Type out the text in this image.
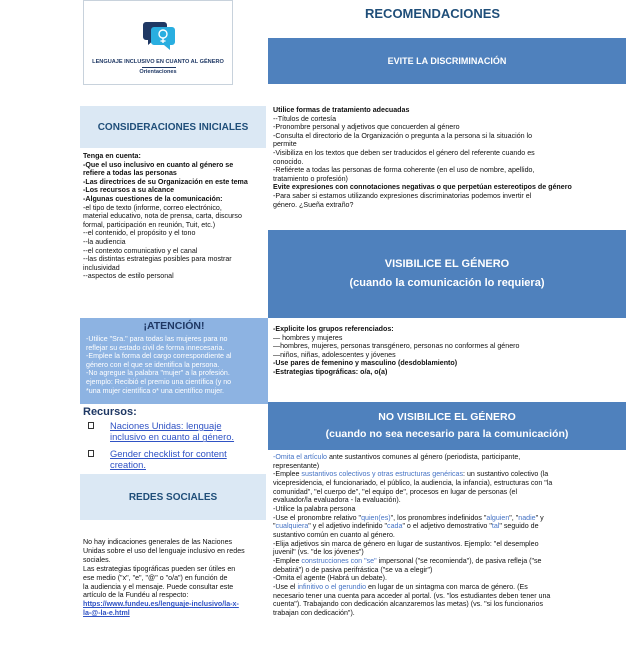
LENGUAJE INCLUSIVO EN CUANTO AL GÉNERO
Orientaciones
RECOMENDACIONES
CONSIDERACIONES INICIALES
Tenga en cuenta:
-Que el uso inclusivo en cuanto al género se
refiere a todas las personas
-Las directrices de su Organización en este tema
-Los recursos a su alcance
-Algunas cuestiones de la comunicación:
-el tipo de texto (informe, correo electrónico,
material educativo, nota de prensa, carta, discurso
formal, participación en reunión, Tuit, etc.)
--el contenido, el propósito y el tono
--la audiencia
--el contexto comunicativo y el canal
--las distintas estrategias posibles para mostrar
inclusividad
--aspectos de estilo personal
¡ATENCIÓN!
-Utilice "Sra." para todas las mujeres para no
reflejar su estado civil de forma innecesaria.
-Emplee la forma del cargo correspondiente al
género con el que se identifica la persona.
-No agregue la palabra "mujer" a la profesión.
ejemplo: Recibió el premio una científica (y no
*una mujer científica o* una científico mujer.
Recursos:
REDES SOCIALES
No hay indicaciones generales de las Naciones
Unidas sobre el uso del lenguaje inclusivo en redes
sociales.
Las estrategias tipográficas pueden ser útiles en
ese medio ("x", "e", "@" o "o/a") en función de
la audiencia y el mensaje. Puede consultar este
artículo de la Fundéu al respecto:
https://www.fundeu.es/lenguaje-inclusivo/la-x-
la-@-la-e.html
EVITE LA DISCRIMINACIÓN
Utilice formas de tratamiento adecuadas
--Títulos de cortesía
-Pronombre personal y adjetivos que concuerden al género
-Consulta el directorio de la Organización o pregunta a la persona si la situación lo
permite
-Visibiliza en los textos que deben ser traducidos el género del referente cuando es
conocido.
-Refiérete a todas las personas de forma coherente (en el uso de nombre, apellido,
tratamiento o profesión)
Evite expresiones con connotaciones negativas o que perpetúan estereotipos de género
-Para saber si estamos utilizando expresiones discriminatorias podemos invertir el
género. ¿Sueña extraño?
VISIBILICE EL GÉNERO
(cuando la comunicación lo requiera)
-Explicite los grupos referenciados:
— hombres y mujeres
—hombres, mujeres, personas transgénero, personas no conformes al género
—niños, niñas, adolescentes y jóvenes
-Use pares de femenino y masculino (desdoblamiento)
-Estrategias tipográficas: o/a, o(a)
NO VISIBILICE EL GÉNERO
(cuando no sea necesario para la comunicación)
-Omita el artículo ante sustantivos comunes al género (periodista, participante,
representante)
-Emplee sustantivos colectivos y otras estructuras genéricas: un sustantivo colectivo (la
vicepresidencia, el funcionariado, el público, la audiencia, la infancia), estructuras con "la
comunidad", "el cuerpo de", "el equipo de", procesos en lugar de personas (el
evaluador/la evaluadora - la evaluación).
-Utilice la palabra persona
-Use el pronombre relativo "quien(es)", los pronombres indefinidos "alguien", "nadie" y
"cualquiera" y el adjetivo indefinido "cada" o el adjetivo demostrativo "tal" seguido de
sustantivo común en cuanto al género.
-Elija adjetivos sin marca de género en lugar de sustantivos. Ejemplo: "el desempleo
juvenil" (vs. "de los jóvenes")
-Emplee construcciones con "se" impersonal ("se recomienda"), de pasiva refleja ("se
debatirá") o de pasiva perifrástica ("se va a elegir")
-Omita el agente (Habrá un debate).
-Use el infinitivo o el gerundio en lugar de un sintagma con marca de género. (Es
necesario tener una cuenta para acceder al portal. (vs. "los estudiantes deben tener una
cuenta"). Trabajando con dedicación alcanzaremos las metas) (vs. "si los funcionarios
trabajan con dedicación").
Naciones Unidas: lenguaje
inclusivo en cuanto al género.
Gender checklist for content
creation.
